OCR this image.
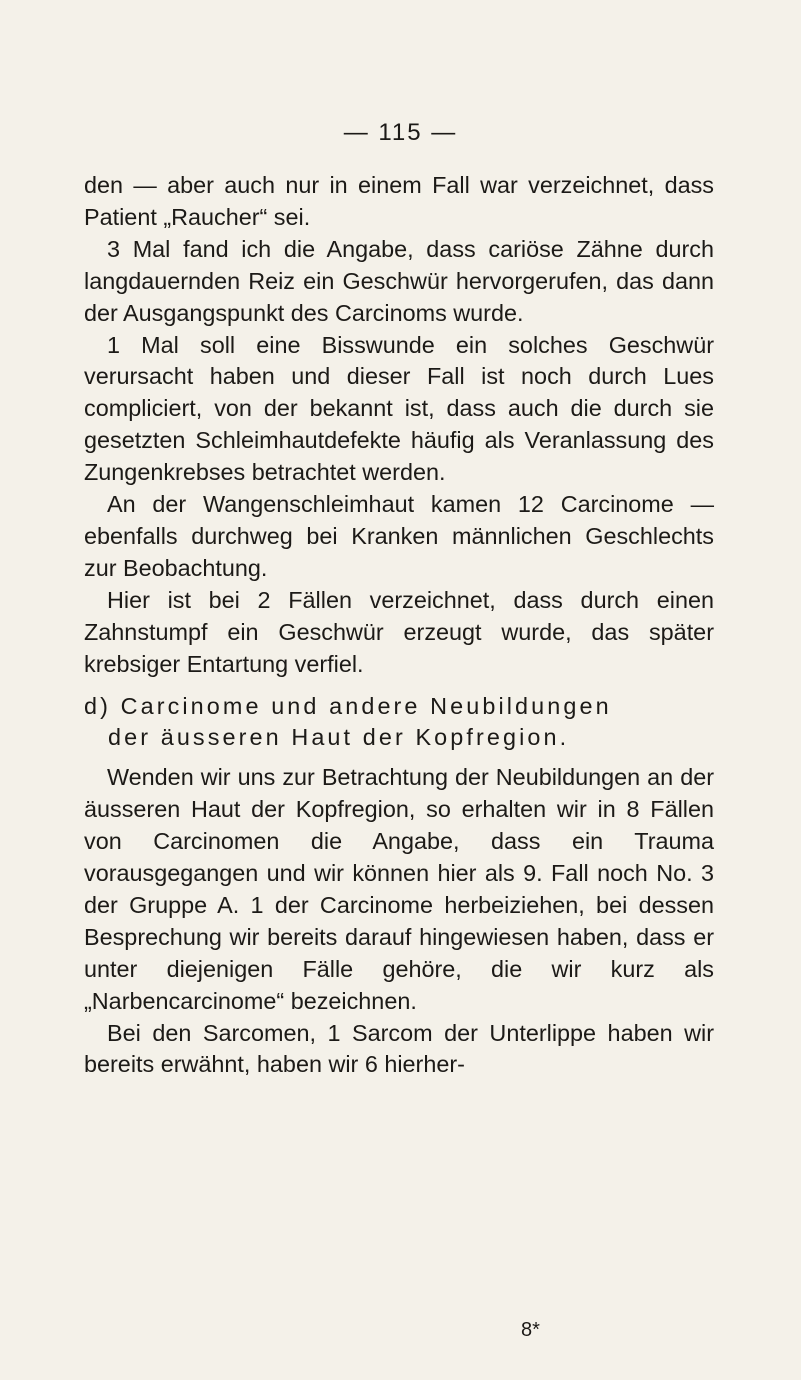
— 115 —

den — aber auch nur in einem Fall war verzeichnet, dass Patient „Raucher“ sei.

3 Mal fand ich die Angabe, dass cariöse Zähne durch langdauernden Reiz ein Geschwür hervorgerufen, das dann der Ausgangspunkt des Carcinoms wurde.

1 Mal soll eine Bisswunde ein solches Geschwür verursacht haben und dieser Fall ist noch durch Lues compliciert, von der bekannt ist, dass auch die durch sie gesetzten Schleimhautdefekte häufig als Veranlassung des Zungenkrebses betrachtet werden.

An der Wangenschleimhaut kamen 12 Carcinome — ebenfalls durchweg bei Kranken männlichen Geschlechts zur Beobachtung.

Hier ist bei 2 Fällen verzeichnet, dass durch einen Zahnstumpf ein Geschwür erzeugt wurde, das später krebsiger Entartung verfiel.

d) Carcinome und andere Neubildungen
der äusseren Haut der Kopfregion.

Wenden wir uns zur Betrachtung der Neubildungen an der äusseren Haut der Kopfregion, so erhalten wir in 8 Fällen von Carcinomen die Angabe, dass ein Trauma vorausgegangen und wir können hier als 9. Fall noch No. 3 der Gruppe A. 1 der Carcinome herbeiziehen, bei dessen Besprechung wir bereits darauf hingewiesen haben, dass er unter diejenigen Fälle gehöre, die wir kurz als „Narbencarcinome“ bezeichnen.

Bei den Sarcomen, 1 Sarcom der Unterlippe haben wir bereits erwähnt, haben wir 6 hierher-

8*
